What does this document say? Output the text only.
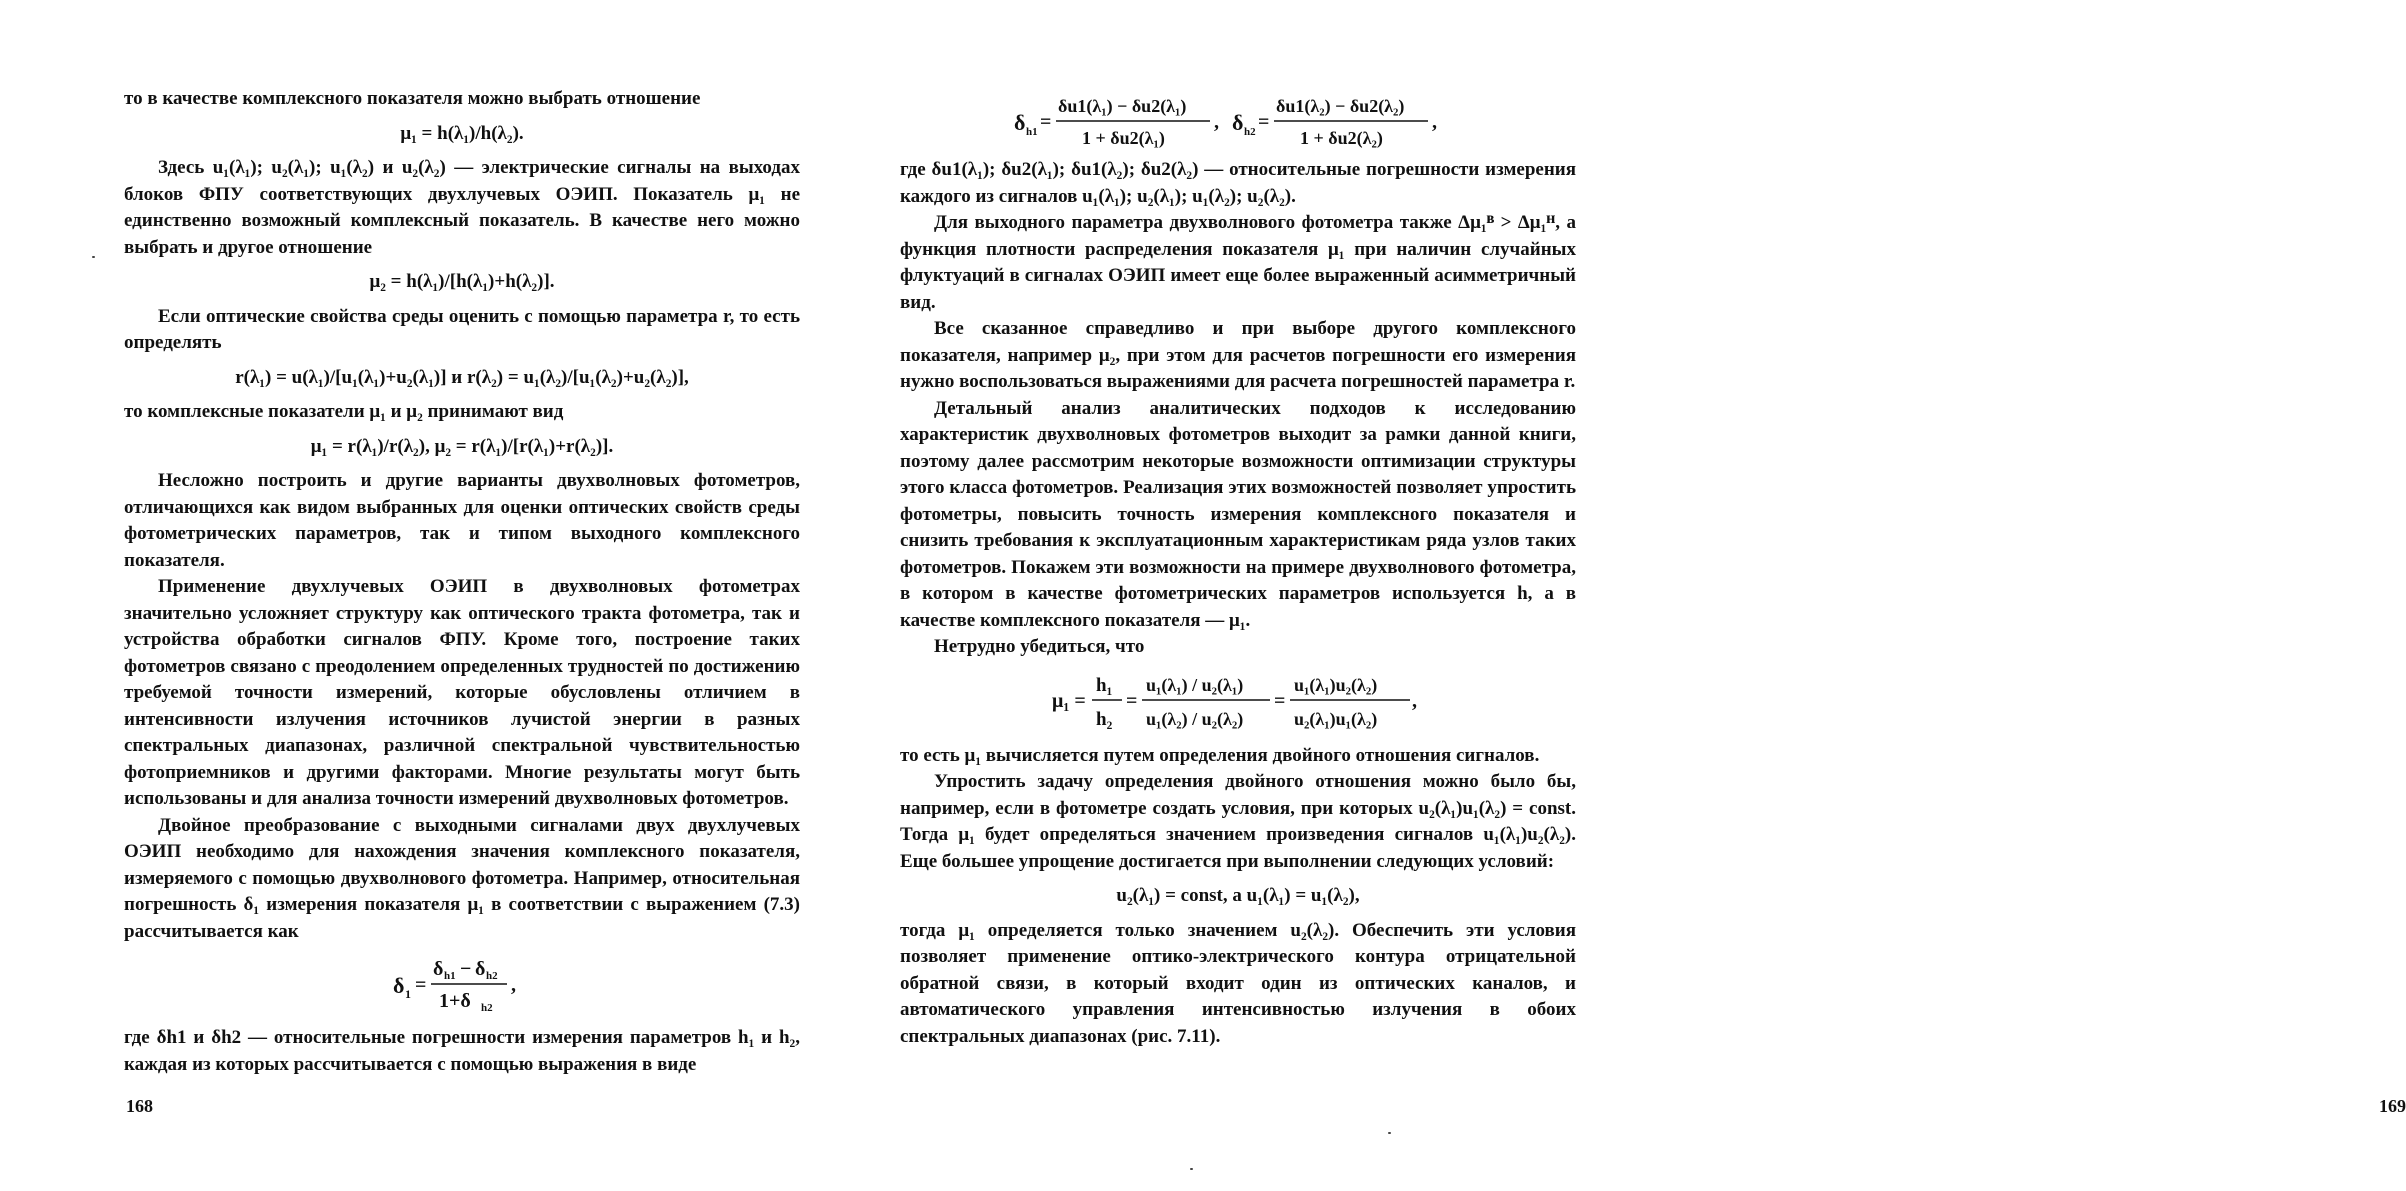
то в качестве комплексного показателя можно выбрать отношение

μ₁ = h(λ₁)/h(λ₂).

Здесь u₁(λ₁); u₂(λ₁); u₁(λ₂) и u₂(λ₂) — электрические сигналы на выходах блоков ФПУ соответствующих двухлучевых ОЭИП. Показатель μ₁ не единственно возможный комплексный показатель. В качестве него можно выбрать и другое отношение

μ₂ = h(λ₁)/[h(λ₁)+h(λ₂)].

Если оптические свойства среды оценить с помощью параметра r, то есть определять

r(λ₁) = u(λ₁)/[u₁(λ₁)+u₂(λ₁)] и r(λ₂) = u₁(λ₂)/[u₁(λ₂)+u₂(λ₂)],

то комплексные показатели μ₁ и μ₂ принимают вид

μ₁ = r(λ₁)/r(λ₂), μ₂ = r(λ₁)/[r(λ₁)+r(λ₂)].

Несложно построить и другие варианты двухволновых фотометров, отличающихся как видом выбранных для оценки оптических свойств среды фотометрических параметров, так и типом выходного комплексного показателя.

Применение двухлучевых ОЭИП в двухволновых фотометрах значительно усложняет структуру как оптического тракта фотометра, так и устройства обработки сигналов ФПУ. Кроме того, построение таких фотометров связано с преодолением определенных трудностей по достижению требуемой точности измерений, которые обусловлены отличием в интенсивности излучения источников лучистой энергии в разных спектральных диапазонах, различной спектральной чувствительностью фотоприемников и другими факторами. Многие результаты могут быть использованы и для анализа точности измерений двухволновых фотометров.

Двойное преобразование с выходными сигналами двух двухлучевых ОЭИП необходимо для нахождения значения комплексного показателя, измеряемого с помощью двухволнового фотометра. Например, относительная погрешность δ₁ измерения показателя μ₁ в соответствии с выражением (7.3) рассчитывается как

δ 1 =
δ h1 − δ h2
1+δ h2
,

где δh1 и δh2 — относительные погрешности измерения параметров h₁ и h₂, каждая из которых рассчитывается с помощью выражения в виде

168
δ h1 =
δu1(λ₁) − δu2(λ₁)
1 + δu2(λ₁)
, δ h2 =
δu1(λ₂) − δu2(λ₂)
1 + δu2(λ₂)
,

где δu1(λ₁); δu2(λ₁); δu1(λ₂); δu2(λ₂) — относительные погрешности измерения каждого из сигналов u₁(λ₁); u₂(λ₁); u₁(λ₂); u₂(λ₂).

Для выходного параметра двухволнового фотометра также Δμ₁ᴮ > Δμ₁ᴴ, а функция плотности распределения показателя μ₁ при наличин случайных флуктуаций в сигналах ОЭИП имеет еще более выраженный асимметричный вид.

Все сказанное справедливо и при выборе другого комплексного показателя, например μ₂, при этом для расчетов погрешности его измерения нужно воспользоваться выражениями для расчета погрешностей параметра r.

Детальный анализ аналитических подходов к исследованию характеристик двухволновых фотометров выходит за рамки данной книги, поэтому далее рассмотрим некоторые возможности оптимизации структуры этого класса фотометров. Реализация этих возможностей позволяет упростить фотометры, повысить точность измерения комплексного показателя и снизить требования к эксплуатационным характеристикам ряда узлов таких фотометров. Покажем эти возможности на примере двухволнового фотометра, в котором в качестве фотометрических параметров используется h, а в качестве комплексного показателя — μ₁.

Нетрудно убедиться, что

μ₁ =
h₁
h₂
=
u₁(λ₁) / u₂(λ₁)
u₁(λ₂) / u₂(λ₂)
=
u₁(λ₁)u₂(λ₂)
u₂(λ₁)u₁(λ₂)
,

то есть μ₁ вычисляется путем определения двойного отношения сигналов.

Упростить задачу определения двойного отношения можно было бы, например, если в фотометре создать условия, при которых u₂(λ₁)u₁(λ₂) = const. Тогда μ₁ будет определяться значением произведения сигналов u₁(λ₁)u₂(λ₂). Еще большее упрощение достигается при выполнении следующих условий:

u₂(λ₁) = const, а u₁(λ₁) = u₁(λ₂),

тогда μ₁ определяется только значением u₂(λ₂). Обеспечить эти условия позволяет применение оптико-электрического контура отрицательной обратной связи, в который входит один из оптических каналов, и автоматического управления интенсивностью излучения в обоих спектральных диапазонах (рис. 7.11).

169
